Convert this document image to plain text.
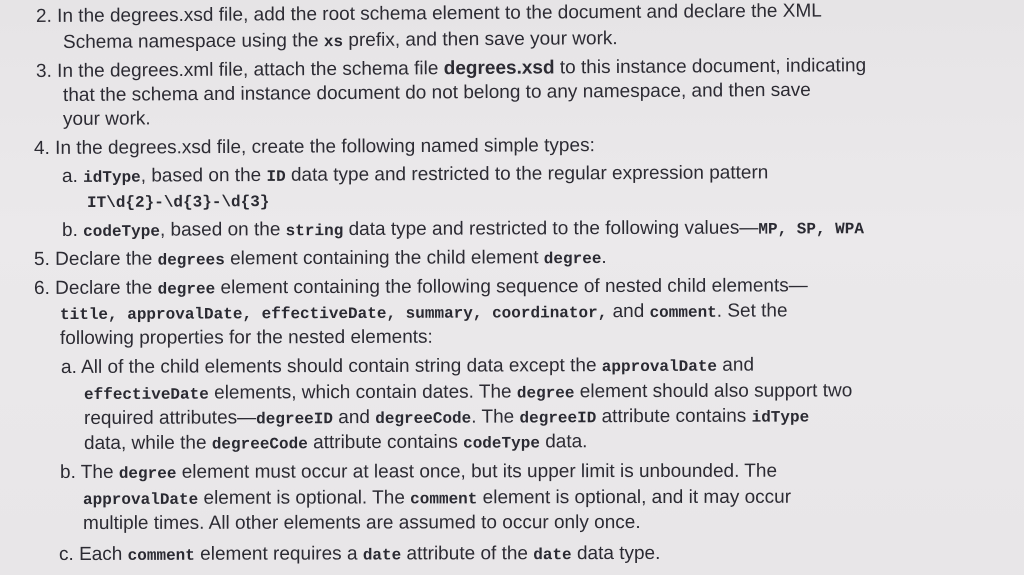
2. In the degrees.xsd file, add the root schema element to the document and declare the XML
Schema namespace using the xs prefix, and then save your work.
3. In the degrees.xml file, attach the schema file degrees.xsd to this instance document, indicating
that the schema and instance document do not belong to any namespace, and then save
your work.
4. In the degrees.xsd file, create the following named simple types:
a. idType, based on the ID data type and restricted to the regular expression pattern
IT\d{2}-\d{3}-\d{3}
b. codeType, based on the string data type and restricted to the following values—MP, SP, WPA
5. Declare the degrees element containing the child element degree.
6. Declare the degree element containing the following sequence of nested child elements—
title, approvalDate, effectiveDate, summary, coordinator, and comment. Set the
following properties for the nested elements:
a. All of the child elements should contain string data except the approvalDate and
effectiveDate elements, which contain dates. The degree element should also support two
required attributes—degreeID and degreeCode. The degreeID attribute contains idType
data, while the degreeCode attribute contains codeType data.
b. The degree element must occur at least once, but its upper limit is unbounded. The
approvalDate element is optional. The comment element is optional, and it may occur
multiple times. All other elements are assumed to occur only once.
c. Each comment element requires a date attribute of the date data type.
